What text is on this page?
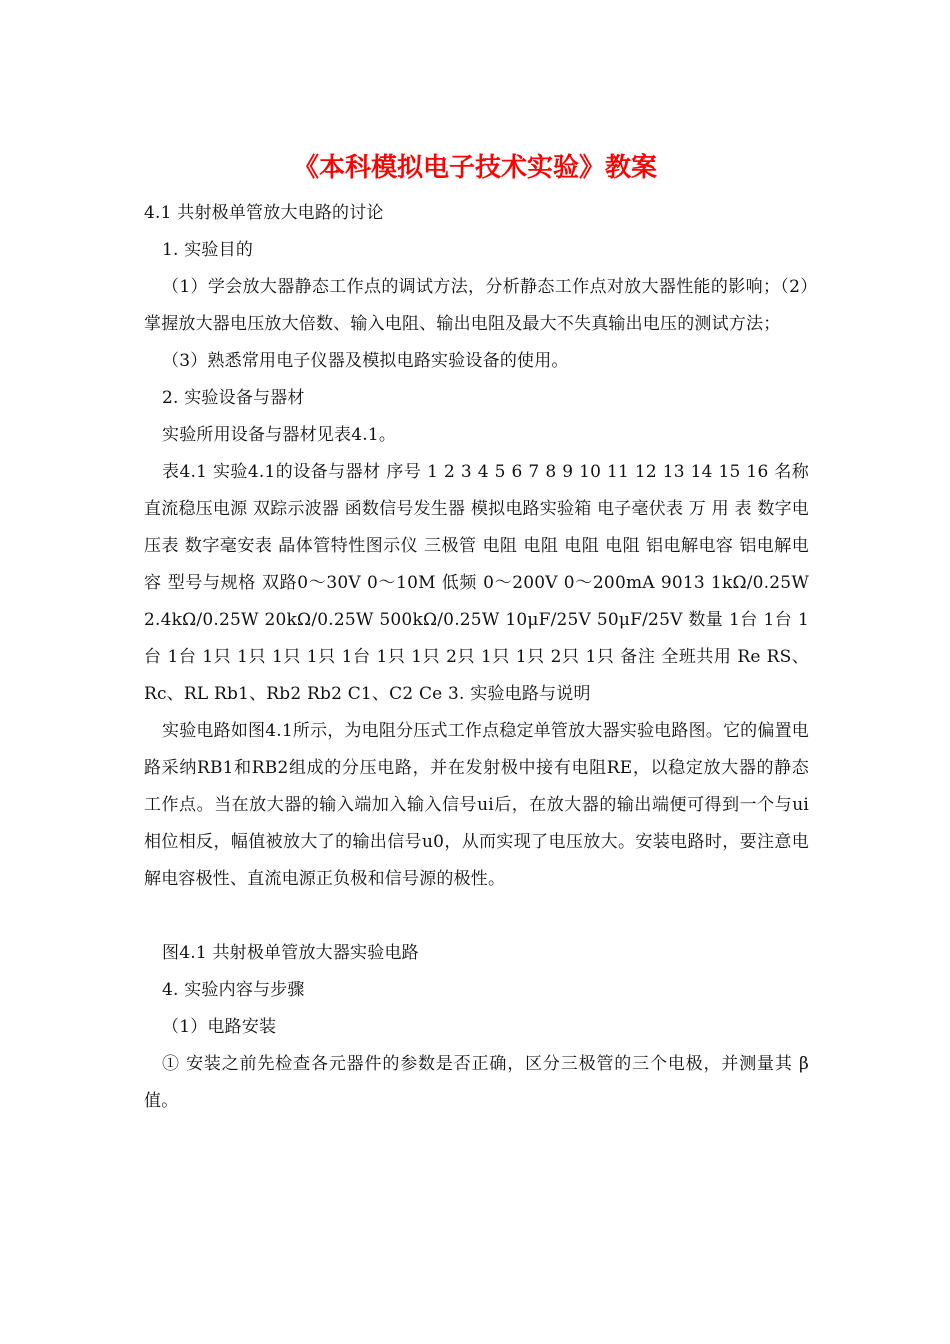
《本科模拟电子技术实验》教案

4.1 共射极单管放大电路的讨论

1. 实验目的

（1）学会放大器静态工作点的调试方法，分析静态工作点对放大器性能的影响；（2）掌握放大器电压放大倍数、输入电阻、输出电阻及最大不失真输出电压的测试方法；

（3）熟悉常用电子仪器及模拟电路实验设备的使用。

2. 实验设备与器材

实验所用设备与器材见表4.1。

表4.1 实验4.1的设备与器材 序号 1 2 3 4 5 6 7 8 9 10 11 12 13 14 15 16 名称 直流稳压电源 双踪示波器 函数信号发生器 模拟电路实验箱 电子毫伏表 万 用 表 数字电压表 数字毫安表 晶体管特性图示仪 三极管 电阻 电阻 电阻 电阻 铝电解电容 铝电解电容 型号与规格 双路0～30V 0～10M 低频 0～200V 0～200mA 9013 1kΩ/0.25W 2.4kΩ/0.25W 20kΩ/0.25W 500kΩ/0.25W 10μF/25V 50μF/25V 数量 1台 1台 1台 1台 1只 1只 1只 1只 1台 1只 1只 2只 1只 1只 2只 1只 备注 全班共用 Re RS、Rc、RL Rb1、Rb2 Rb2 C1、C2 Ce 3. 实验电路与说明

实验电路如图4.1所示，为电阻分压式工作点稳定单管放大器实验电路图。它的偏置电路采纳RB1和RB2组成的分压电路，并在发射极中接有电阻RE，以稳定放大器的静态工作点。当在放大器的输入端加入输入信号ui后，在放大器的输出端便可得到一个与ui相位相反，幅值被放大了的输出信号u0，从而实现了电压放大。安装电路时，要注意电解电容极性、直流电源正负极和信号源的极性。

图4.1 共射极单管放大器实验电路

4. 实验内容与步骤

（1）电路安装

① 安装之前先检查各元器件的参数是否正确，区分三极管的三个电极，并测量其 β 值。
